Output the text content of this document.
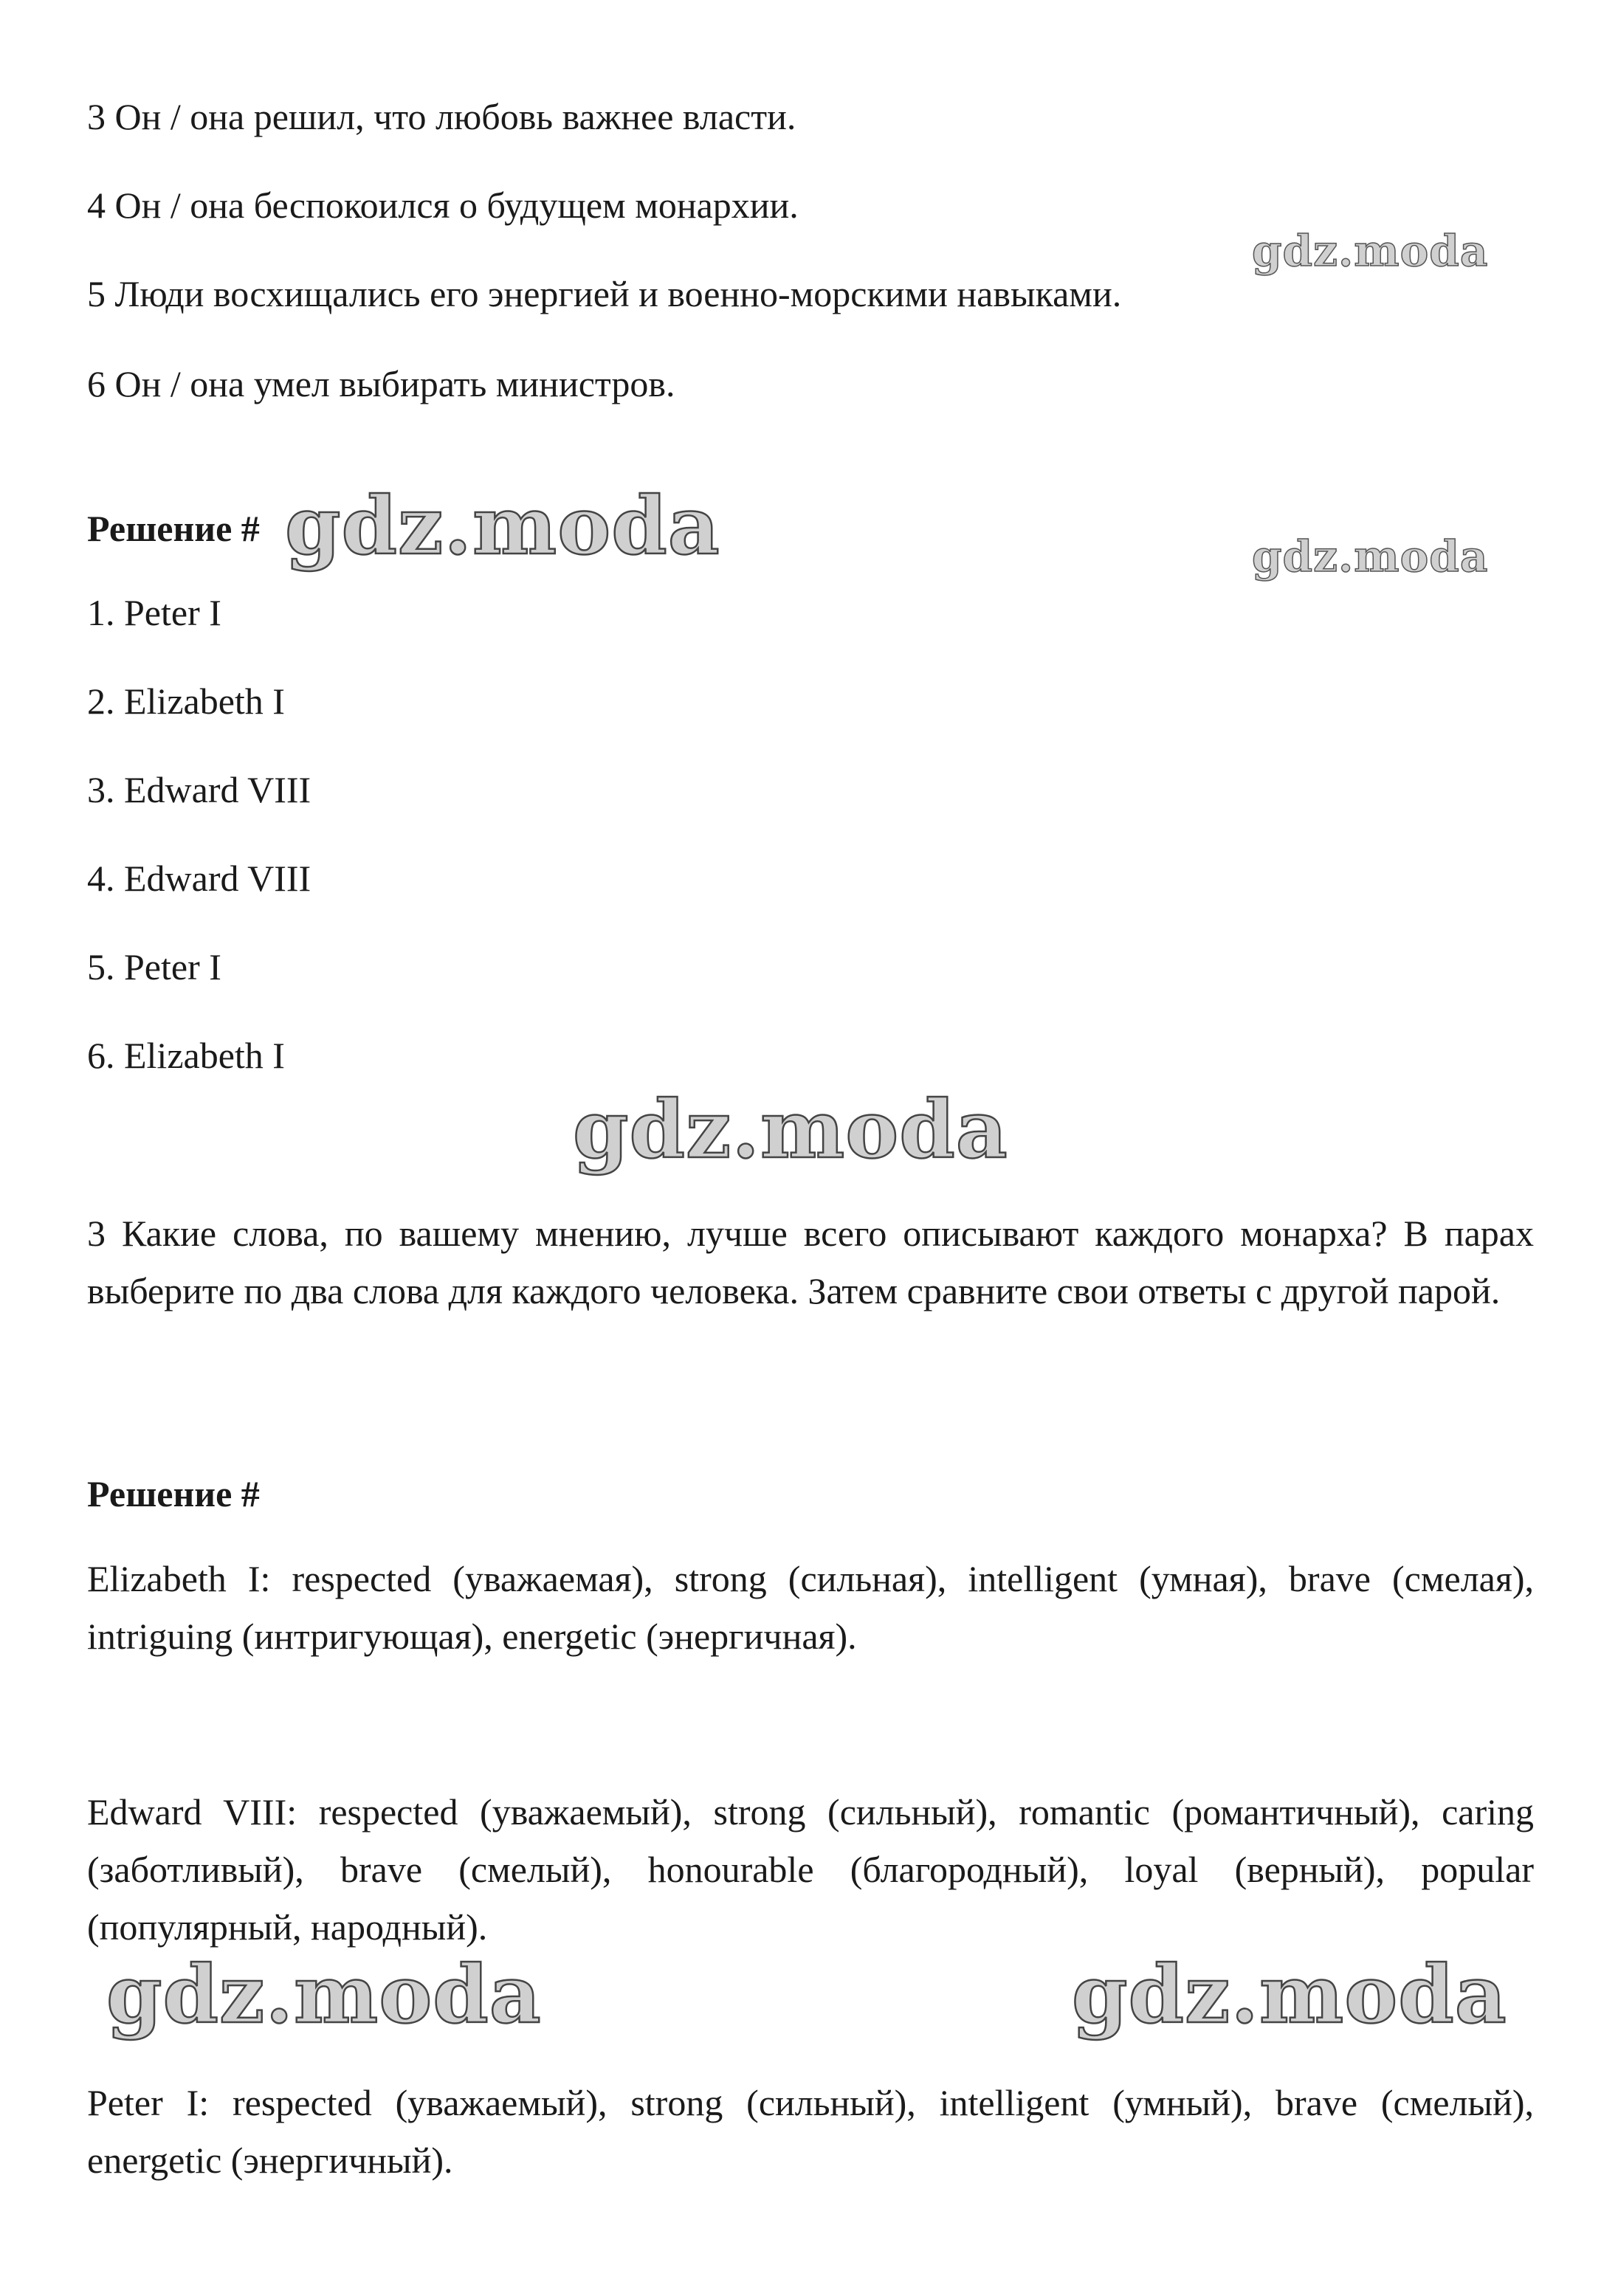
3 Он / она решил, что любовь важнее власти.
4 Он / она беспокоился о будущем монархии.
5 Люди восхищались его энергией и военно-морскими навыками.
6 Он / она умел выбирать министров.
Решение #
1. Peter I
2. Elizabeth I
3. Edward VIII
4. Edward VIII
5. Peter I
6. Elizabeth I
3 Какие слова, по вашему мнению, лучше всего описывают каждого монарха? В парах выберите по два слова для каждого человека. Затем сравните свои ответы с другой парой.
Решение #
Elizabeth I: respected (уважаемая), strong (сильная), intelligent (умная), brave (смелая), intriguing (интригующая), energetic (энергичная).
Edward VIII: respected (уважаемый), strong (сильный), romantic (романтичный), caring (заботливый), brave (смелый), honourable (благородный), loyal (верный), popular (популярный, народный).
Peter I: respected (уважаемый), strong (сильный), intelligent (умный), brave (смелый), energetic (энергичный).
gdz.moda
gdz.moda	gdz.moda
gdz.moda
gdz.moda	gdz.moda
